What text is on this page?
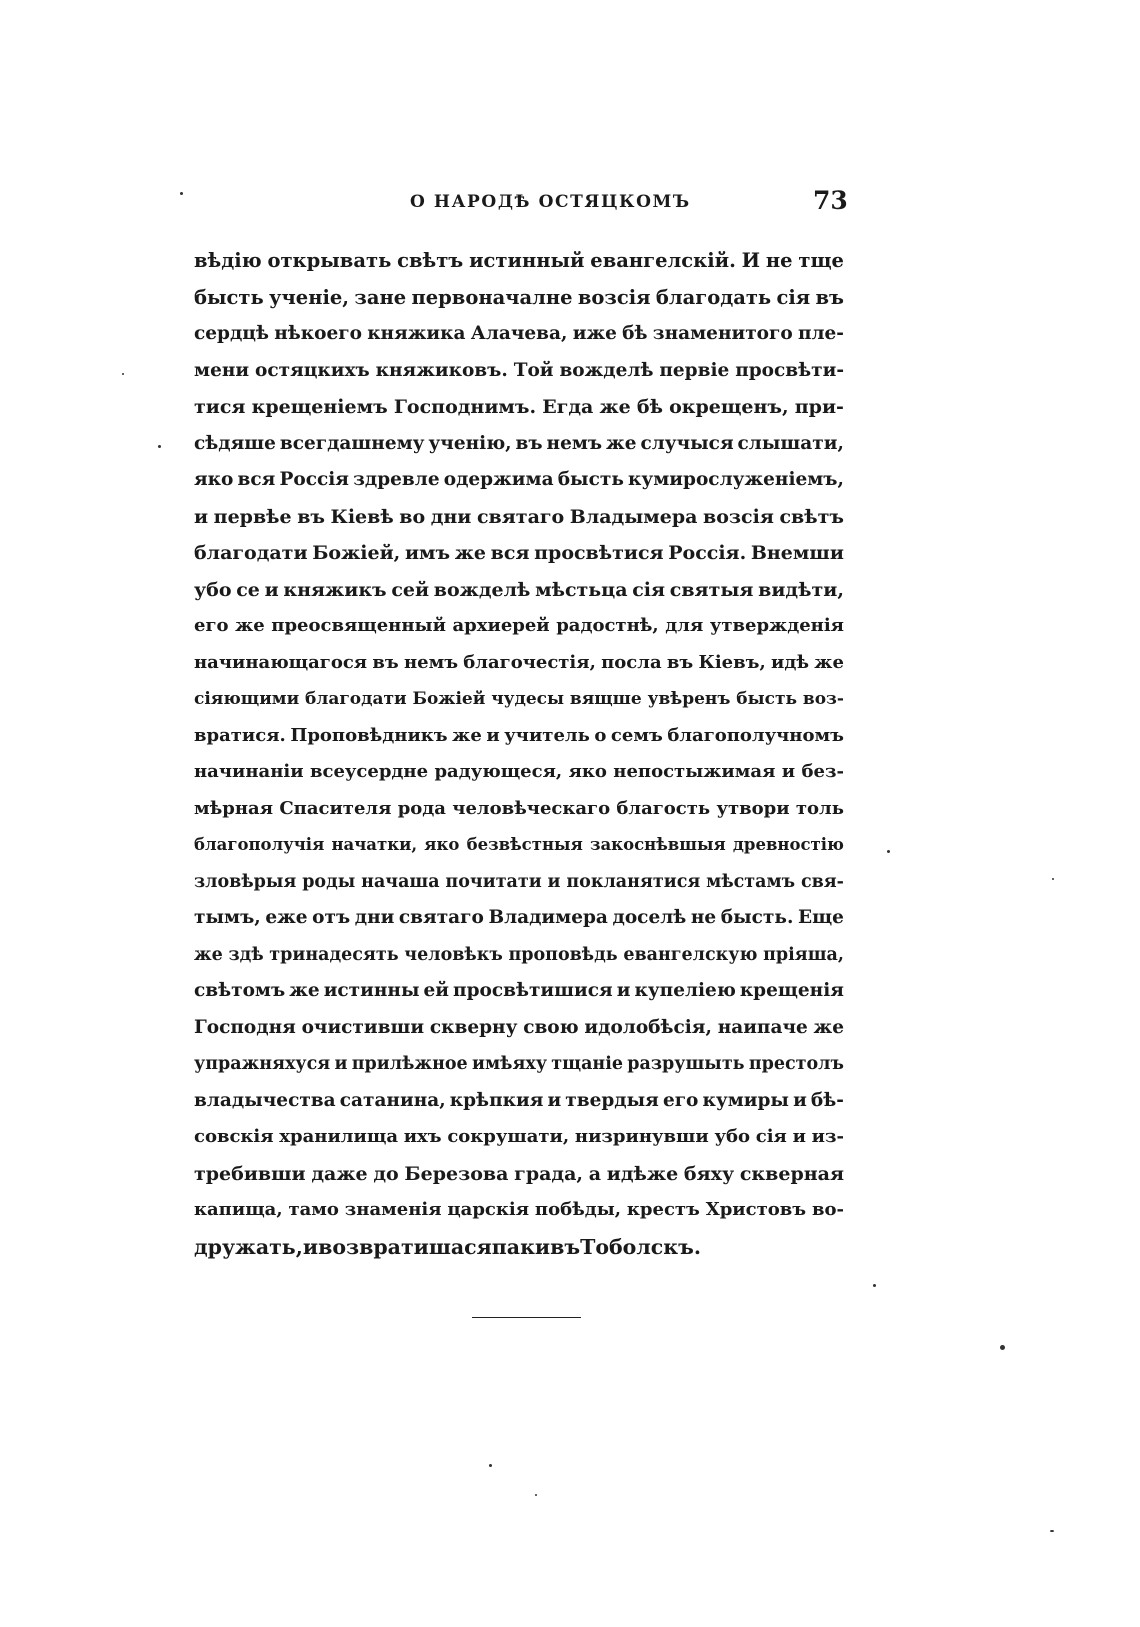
О НАРОДѢ ОСТЯЦКОМЪ	73
вѣдію открывать свѣтъ истинный евангелскій. И не тще
бысть ученіе, зане первоначалне возсія благодать сія въ
сердцѣ нѣкоего княжика Алачева, иже бѣ знаменитого пле-
мени остяцкихъ княжиковъ. Той вожделѣ первіе просвѣти-
тися крещеніемъ Господнимъ. Егда же бѣ окрещенъ, при-
сѣдяше всегдашнему ученію, въ немъ же случыся слышати,
яко вся Россія здревле одержима бысть кумирослуженіемъ,
и первѣе въ Кіевѣ во дни святаго Владымера возсія свѣтъ
благодати Божіей, имъ же вся просвѣтися Россія. Внемши
убо се и княжикъ сей вожделѣ мѣстьца сія святыя видѣти,
его же преосвященный архиерей радостнѣ, для утвержденія
начинающагося въ немъ благочестія, посла въ Кіевъ, идѣ же
сіяющими благодати Божіей чудесы вящше увѣренъ бысть воз-
вратися. Проповѣдникъ же и учитель о семъ благополучномъ
начинаніи всеусердне радующеся, яко непостыжимая и без-
мѣрная Спасителя рода человѣческаго благость утвори толь
благополучія начатки, яко безвѣстныя закоснѣвшыя древностію
зловѣрыя роды начаша почитати и покланятися мѣстамъ свя-
тымъ, еже отъ дни святаго Владимера доселѣ не бысть. Еще
же здѣ тринадесять человѣкъ проповѣдь евангелскую пріяша,
свѣтомъ же истинны ей просвѣтишися и купеліею крещенія
Господня очистивши скверну свою идолобѣсія, наипаче же
упражняхуся и прилѣжное имѣяху тщаніе разрушыть престолъ
владычества сатанина, крѣпкия и твердыя его кумиры и бѣ-
совскія хранилища ихъ сокрушати, низринувши убо сія и из-
требивши даже до Березова града, а идѣже бяху скверная
капища, тамо знаменія царскія побѣды, крестъ Христовъ во-
дружать, и возвратишася паки въ Тоболскъ.
